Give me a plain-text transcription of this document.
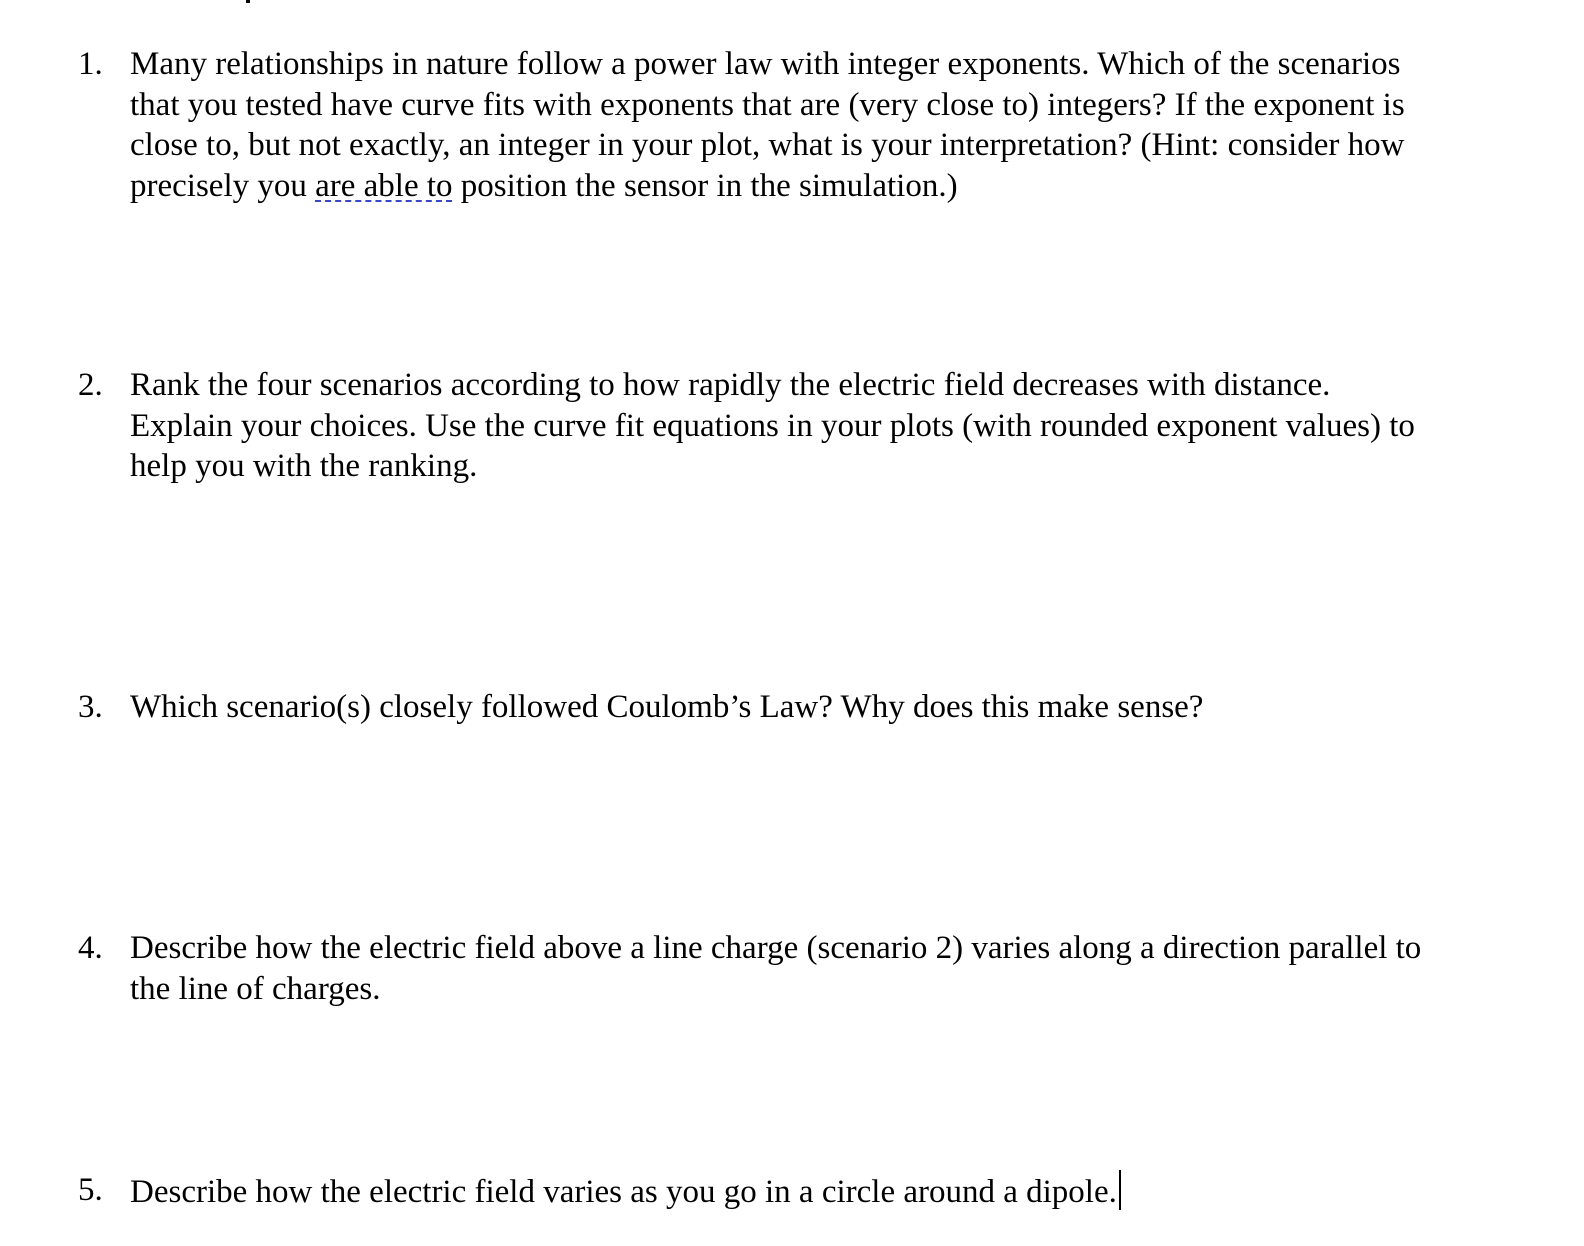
1. Many relationships in nature follow a power law with integer exponents. Which of the scenarios
that you tested have curve fits with exponents that are (very close to) integers? If the exponent is
close to, but not exactly, an integer in your plot, what is your interpretation? (Hint: consider how
precisely you are able to position the sensor in the simulation.)
2. Rank the four scenarios according to how rapidly the electric field decreases with distance.
Explain your choices. Use the curve fit equations in your plots (with rounded exponent values) to
help you with the ranking.
3. Which scenario(s) closely followed Coulomb’s Law? Why does this make sense?
4. Describe how the electric field above a line charge (scenario 2) varies along a direction parallel to
the line of charges.
5. Describe how the electric field varies as you go in a circle around a dipole.
